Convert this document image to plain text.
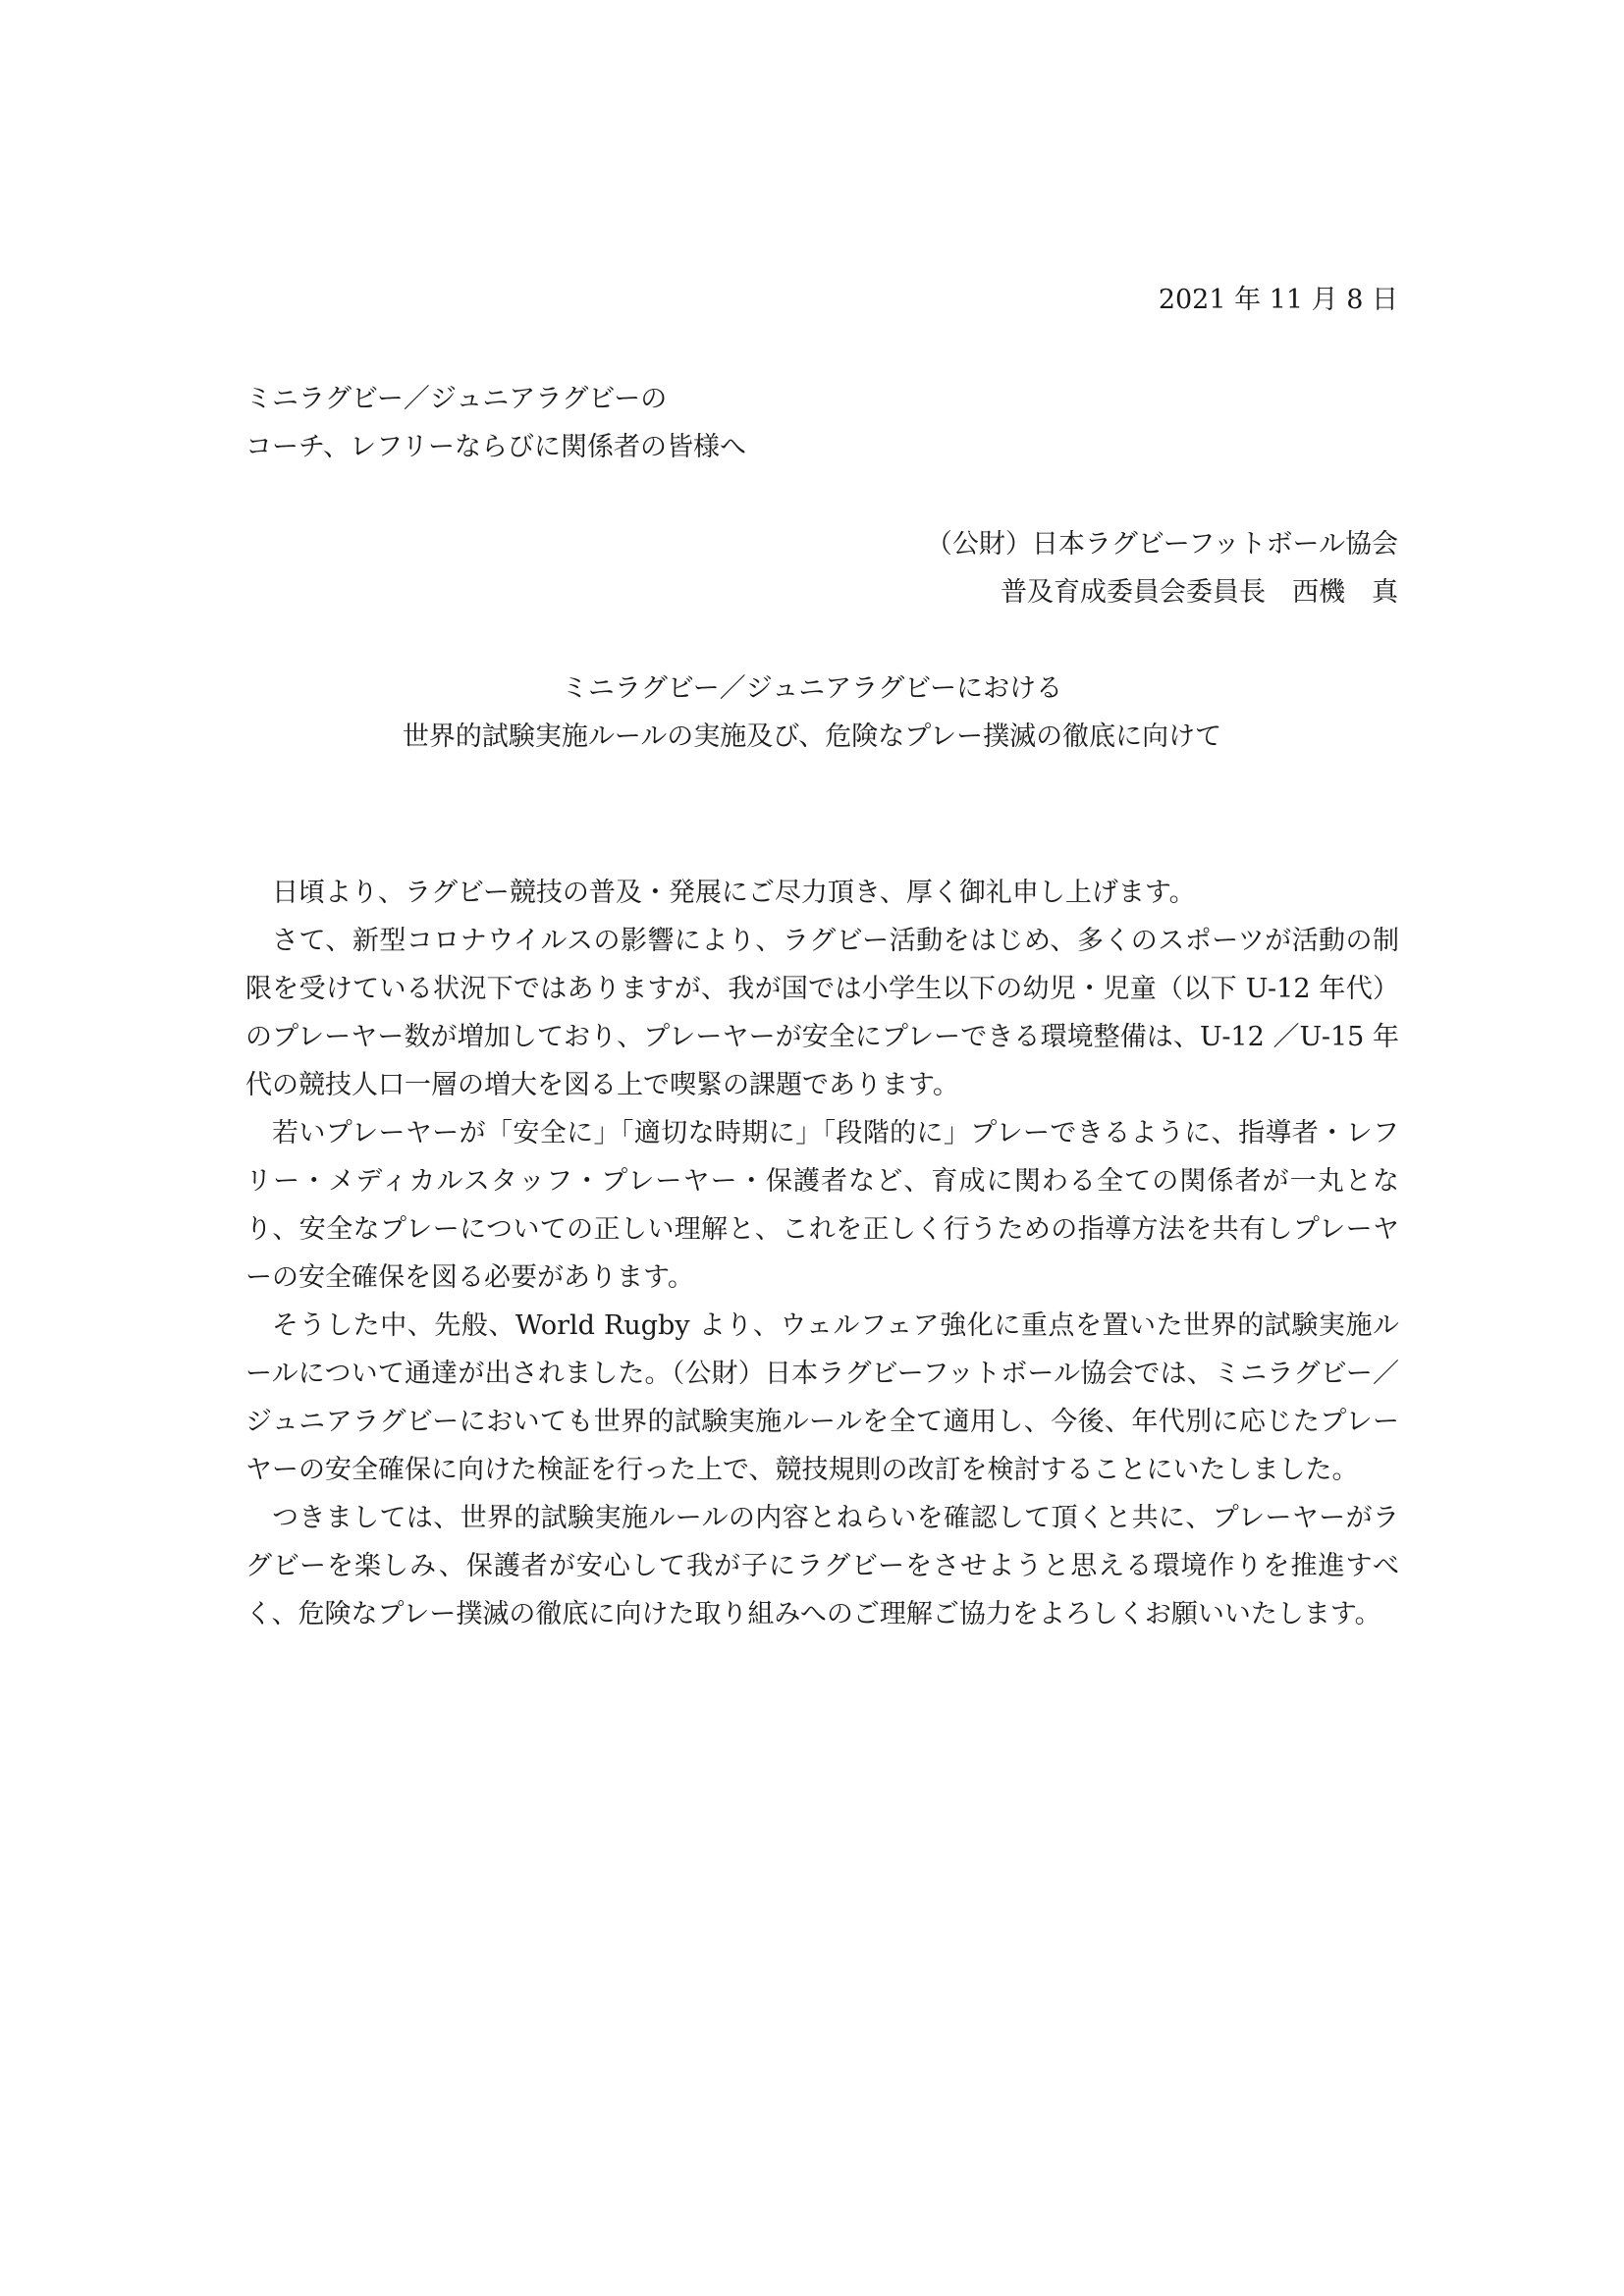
2021 年 11 月 8 日
ミニラグビー／ジュニアラグビーの
コーチ、レフリーならびに関係者の皆様へ
（公財）日本ラグビーフットボール協会
普及育成委員会委員長　西機　真
ミニラグビー／ジュニアラグビーにおける
世界的試験実施ルールの実施及び、危険なプレー撲滅の徹底に向けて

日頃より、ラグビー競技の普及・発展にご尽力頂き、厚く御礼申し上げます。

さて、新型コロナウイルスの影響により、ラグビー活動をはじめ、多くのスポーツが活動の制限を受けている状況下ではありますが、我が国では小学生以下の幼児・児童（以下 U-12 年代）のプレーヤー数が増加しており、プレーヤーが安全にプレーできる環境整備は、U-12 ／U-15 年代の競技人口一層の増大を図る上で喫緊の課題であります。

若いプレーヤーが「安全に」「適切な時期に」「段階的に」プレーできるように、指導者・レフリー・メディカルスタッフ・プレーヤー・保護者など、育成に関わる全ての関係者が一丸となり、安全なプレーについての正しい理解と、これを正しく行うための指導方法を共有しプレーヤーの安全確保を図る必要があります。

そうした中、先般、World Rugby より、ウェルフェア強化に重点を置いた世界的試験実施ルールについて通達が出されました。（公財）日本ラグビーフットボール協会では、ミニラグビー／ジュニアラグビーにおいても世界的試験実施ルールを全て適用し、今後、年代別に応じたプレーヤーの安全確保に向けた検証を行った上で、競技規則の改訂を検討することにいたしました。

つきましては、世界的試験実施ルールの内容とねらいを確認して頂くと共に、プレーヤーがラグビーを楽しみ、保護者が安心して我が子にラグビーをさせようと思える環境作りを推進すべく、危険なプレー撲滅の徹底に向けた取り組みへのご理解ご協力をよろしくお願いいたします。
